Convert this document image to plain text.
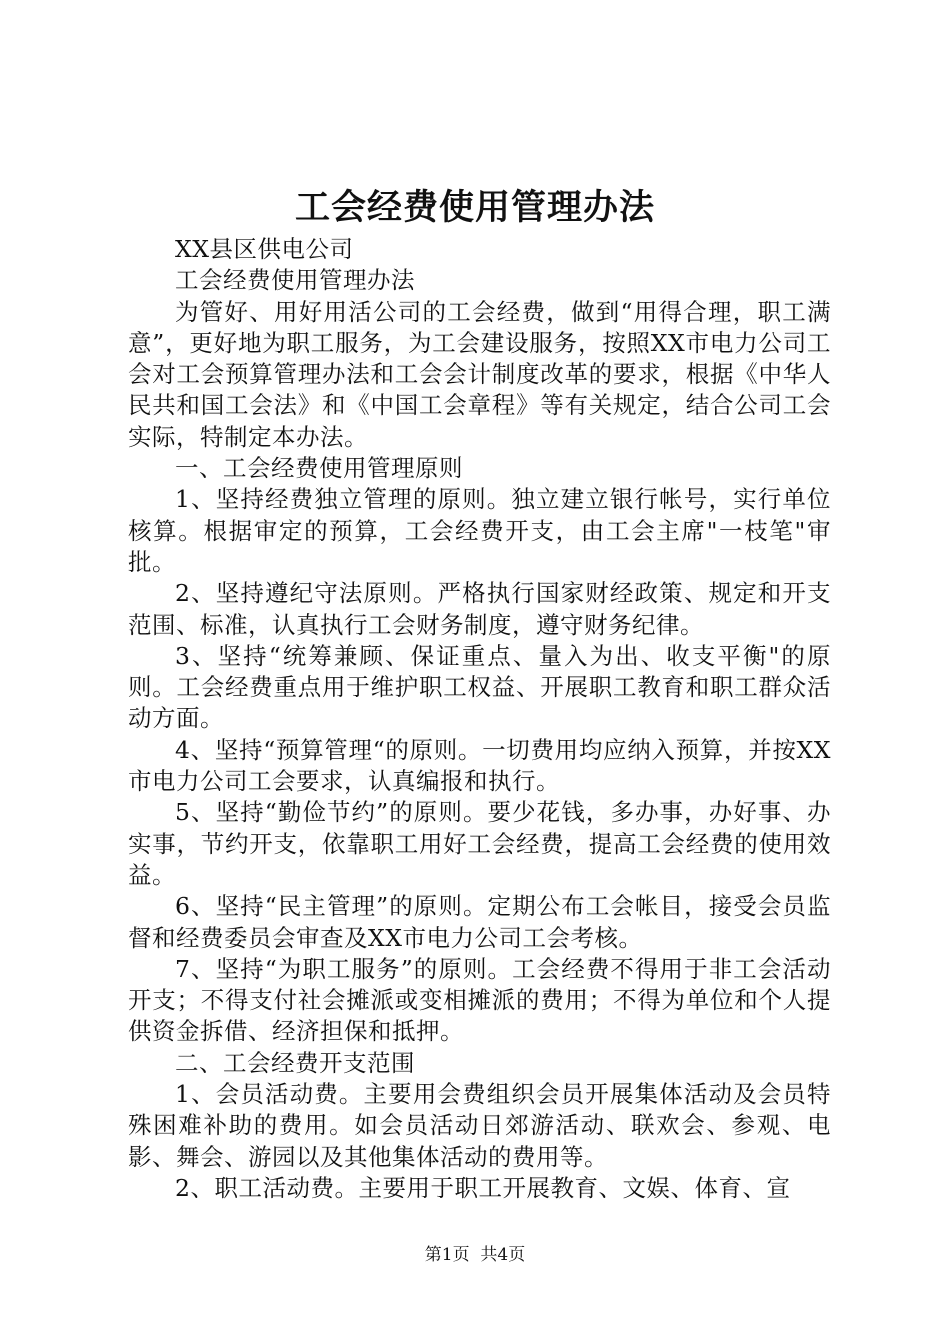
工会经费使用管理办法

XX县区供电公司

工会经费使用管理办法

为管好、用好用活公司的工会经费，做到“用得合理，职工满意”，更好地为职工服务，为工会建设服务，按照XX市电力公司工会对工会预算管理办法和工会会计制度改革的要求，根据《中华人民共和国工会法》和《中国工会章程》等有关规定，结合公司工会实际，特制定本办法。

一、工会经费使用管理原则

1、坚持经费独立管理的原则。独立建立银行帐号，实行单位核算。根据审定的预算，工会经费开支，由工会主席"一枝笔"审批。

2、坚持遵纪守法原则。严格执行国家财经政策、规定和开支范围、标准，认真执行工会财务制度，遵守财务纪律。

3、坚持“统筹兼顾、保证重点、量入为出、收支平衡"的原则。工会经费重点用于维护职工权益、开展职工教育和职工群众活动方面。

4、坚持“预算管理“的原则。一切费用均应纳入预算，并按XX市电力公司工会要求，认真编报和执行。

5、坚持“勤俭节约”的原则。要少花钱，多办事，办好事、办实事，节约开支，依靠职工用好工会经费，提高工会经费的使用效益。

6、坚持“民主管理”的原则。定期公布工会帐目，接受会员监督和经费委员会审查及XX市电力公司工会考核。

7、坚持“为职工服务”的原则。工会经费不得用于非工会活动开支；不得支付社会摊派或变相摊派的费用；不得为单位和个人提供资金拆借、经济担保和抵押。

二、工会经费开支范围

1、会员活动费。主要用会费组织会员开展集体活动及会员特殊困难补助的费用。如会员活动日郊游活动、联欢会、参观、电影、舞会、游园以及其他集体活动的费用等。

2、职工活动费。主要用于职工开展教育、文娱、体育、宣

第1页 共4页
